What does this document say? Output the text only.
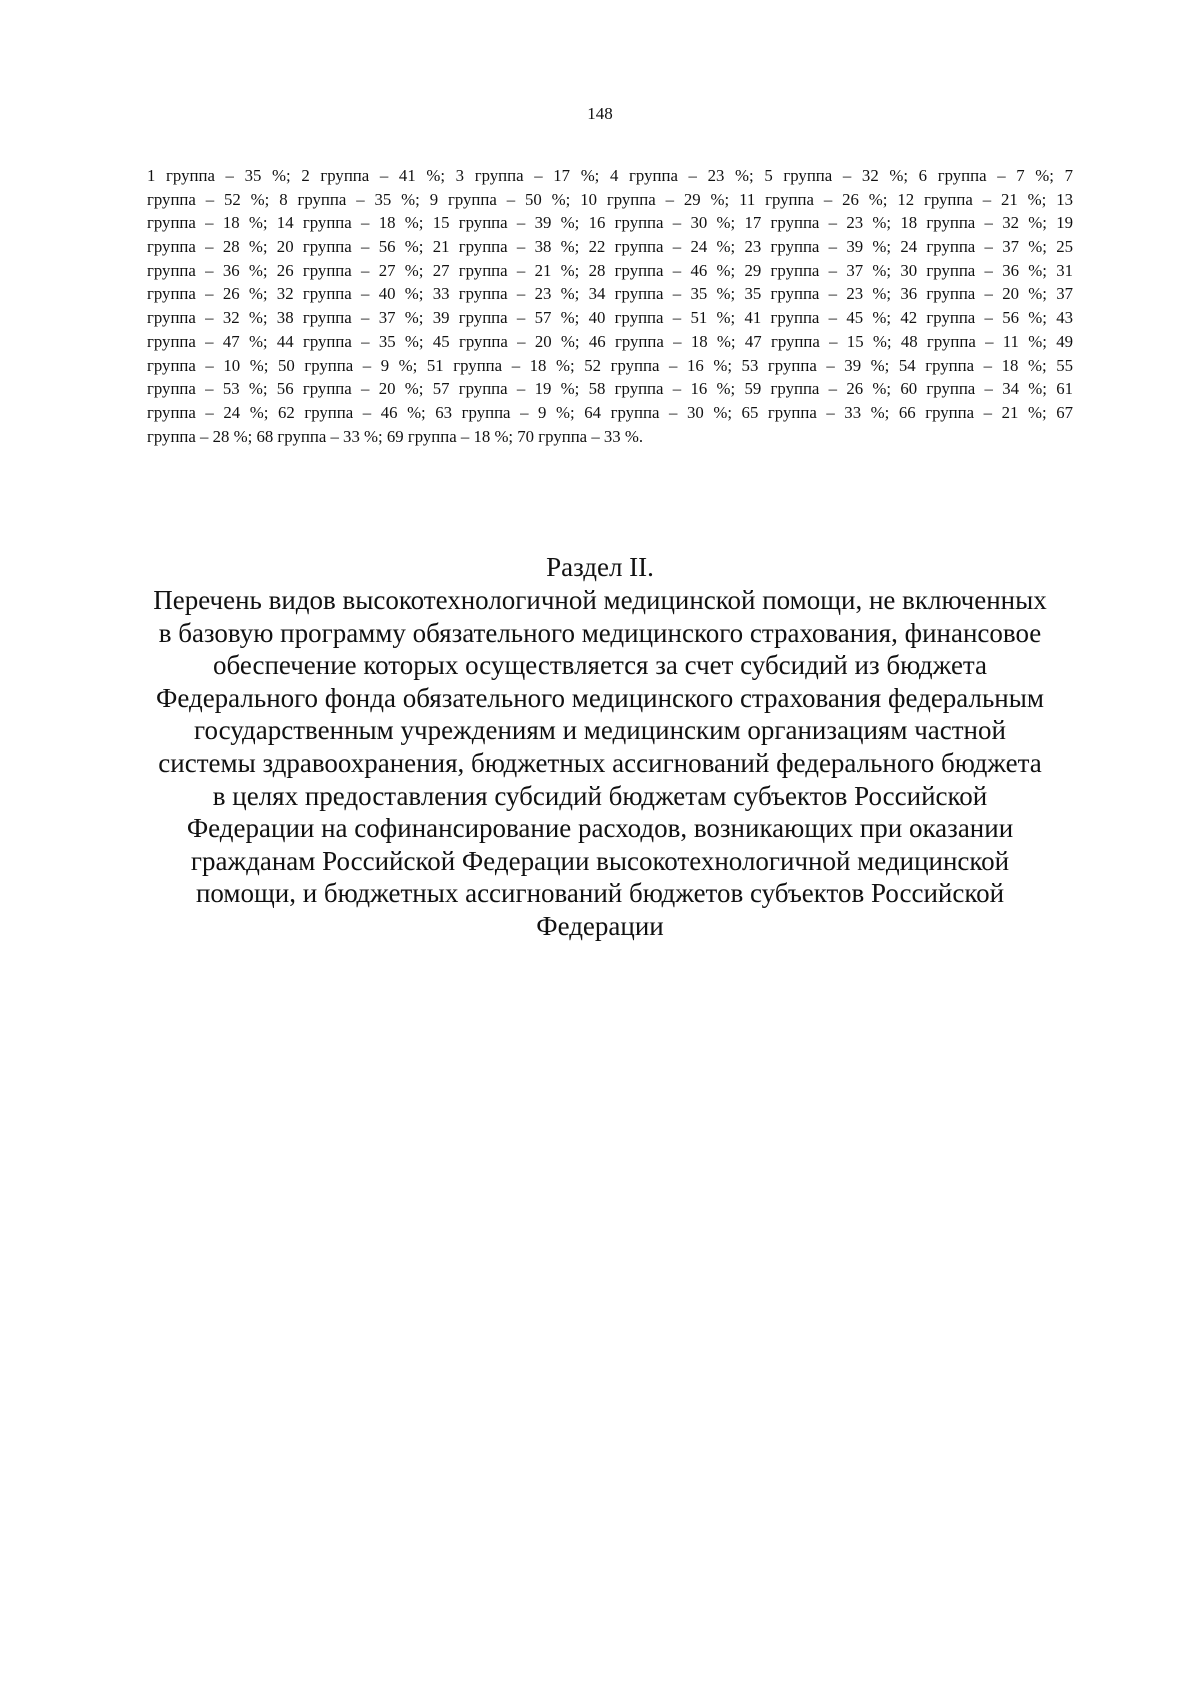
148
1 группа – 35 %; 2 группа – 41 %; 3 группа – 17 %; 4 группа – 23 %; 5 группа – 32 %; 6 группа – 7 %; 7
группа – 52 %; 8 группа – 35 %; 9 группа – 50 %; 10 группа – 29 %; 11 группа – 26 %; 12 группа – 21 %; 13
группа – 18 %; 14 группа – 18 %; 15 группа – 39 %; 16 группа – 30 %; 17 группа – 23 %; 18 группа – 32 %; 19
группа – 28 %; 20 группа – 56 %; 21 группа – 38 %; 22 группа – 24 %; 23 группа – 39 %; 24 группа – 37 %; 25
группа – 36 %; 26 группа – 27 %; 27 группа – 21 %; 28 группа – 46 %; 29 группа – 37 %; 30 группа – 36 %; 31
группа – 26 %; 32 группа – 40 %; 33 группа – 23 %; 34 группа – 35 %; 35 группа – 23 %; 36 группа – 20 %; 37
группа – 32 %; 38 группа – 37 %; 39 группа – 57 %; 40 группа – 51 %; 41 группа – 45 %; 42 группа – 56 %; 43
группа – 47 %; 44 группа – 35 %; 45 группа – 20 %; 46 группа – 18 %; 47 группа – 15 %; 48 группа – 11 %; 49
группа – 10 %; 50 группа – 9 %; 51 группа – 18 %; 52 группа – 16 %; 53 группа – 39 %; 54 группа – 18 %; 55
группа – 53 %; 56 группа – 20 %; 57 группа – 19 %; 58 группа – 16 %; 59 группа – 26 %; 60 группа – 34 %; 61
группа – 24 %; 62 группа – 46 %; 63 группа – 9 %; 64 группа – 30 %; 65 группа – 33 %; 66 группа – 21 %; 67
группа – 28 %; 68 группа – 33 %; 69 группа – 18 %; 70 группа – 33 %.
Раздел II.
Перечень видов высокотехнологичной медицинской помощи, не включенных
в базовую программу обязательного медицинского страхования, финансовое
обеспечение которых осуществляется за счет субсидий из бюджета
Федерального фонда обязательного медицинского страхования федеральным
государственным учреждениям и медицинским организациям частной
системы здравоохранения, бюджетных ассигнований федерального бюджета
в целях предоставления субсидий бюджетам субъектов Российской
Федерации на софинансирование расходов, возникающих при оказании
гражданам Российской Федерации высокотехнологичной медицинской
помощи, и бюджетных ассигнований бюджетов субъектов Российской
Федерации
